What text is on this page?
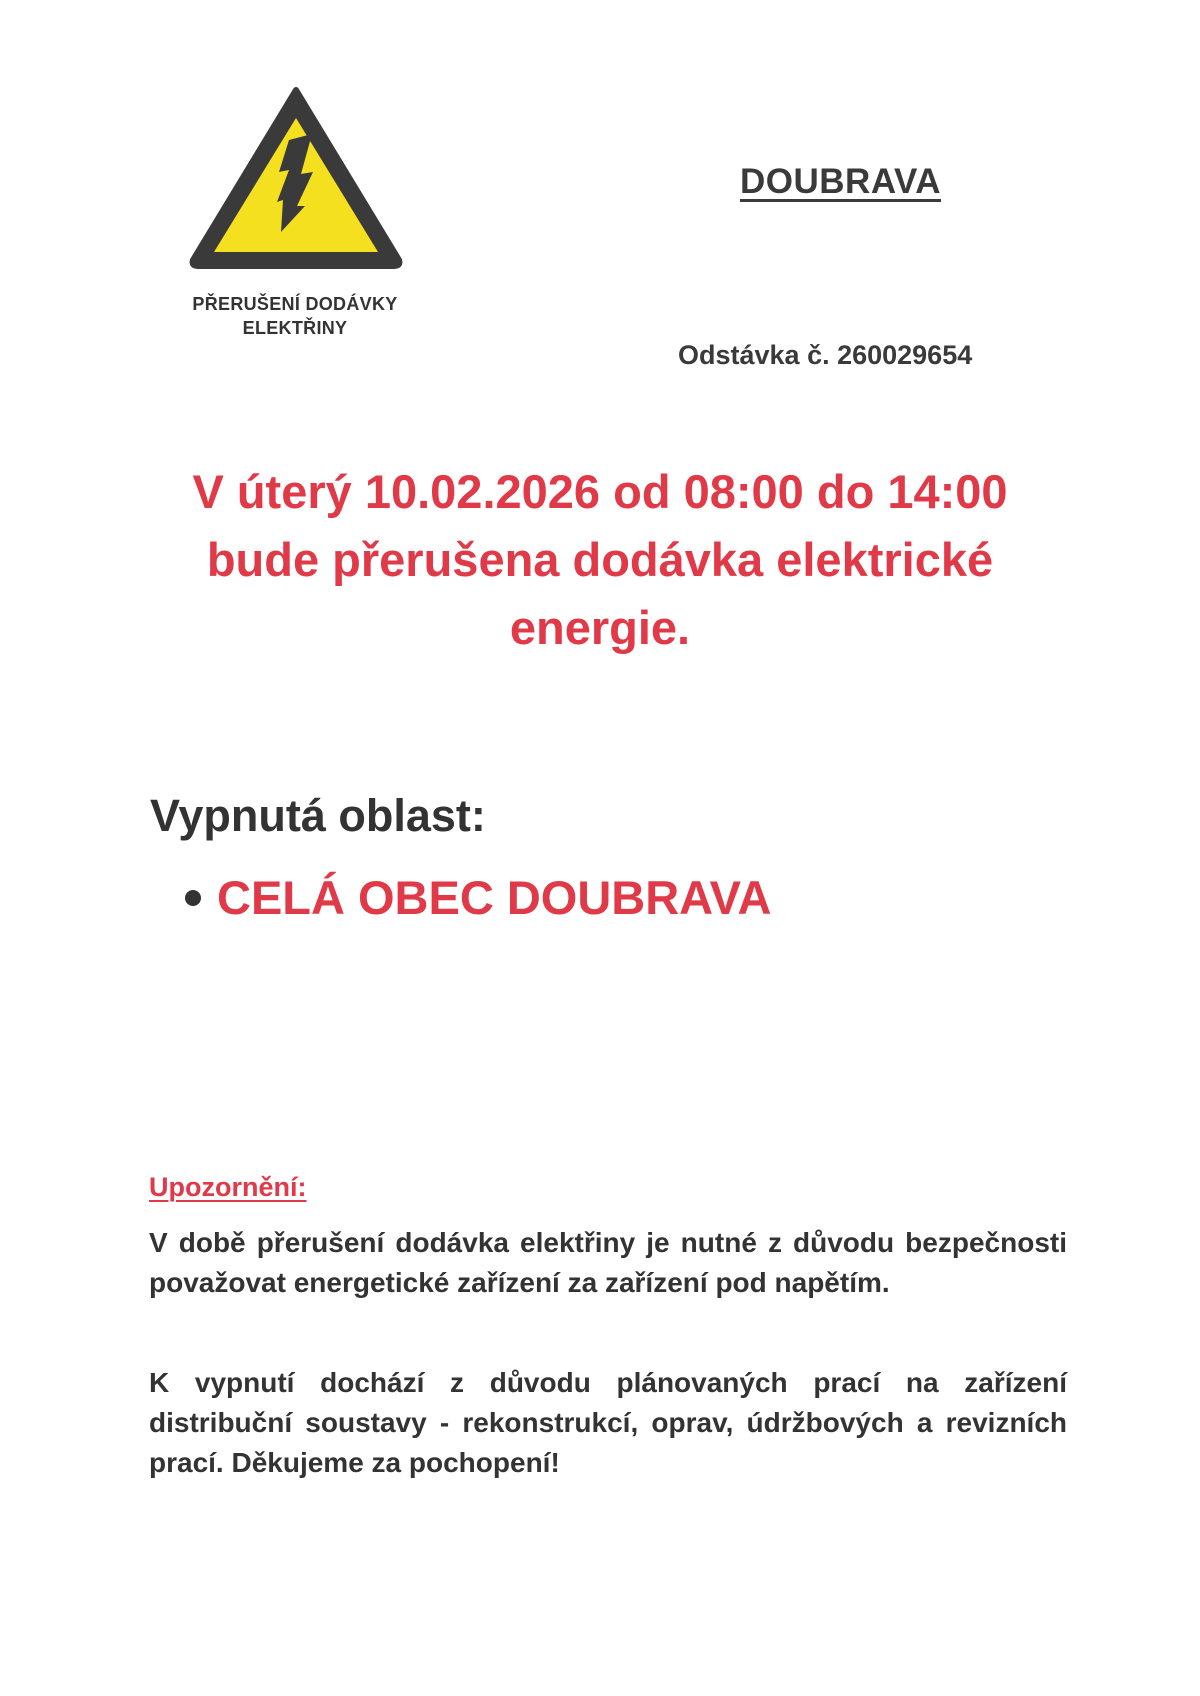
PŘERUŠENÍ DODÁVKY
ELEKTŘINY
DOUBRAVA
Odstávka č. 260029654
V úterý 10.02.2026 od 08:00 do 14:00
bude přerušena dodávka elektrické
energie.
Vypnutá oblast:
CELÁ OBEC DOUBRAVA
Upozornění:

V době přerušení dodávka elektřiny je nutné z důvodu bezpečnosti považovat energetické zařízení za zařízení pod napětím.

K vypnutí dochází z důvodu plánovaných prací na zařízení distribuční soustavy - rekonstrukcí, oprav, údržbových a revizních prací. Děkujeme za pochopení!
